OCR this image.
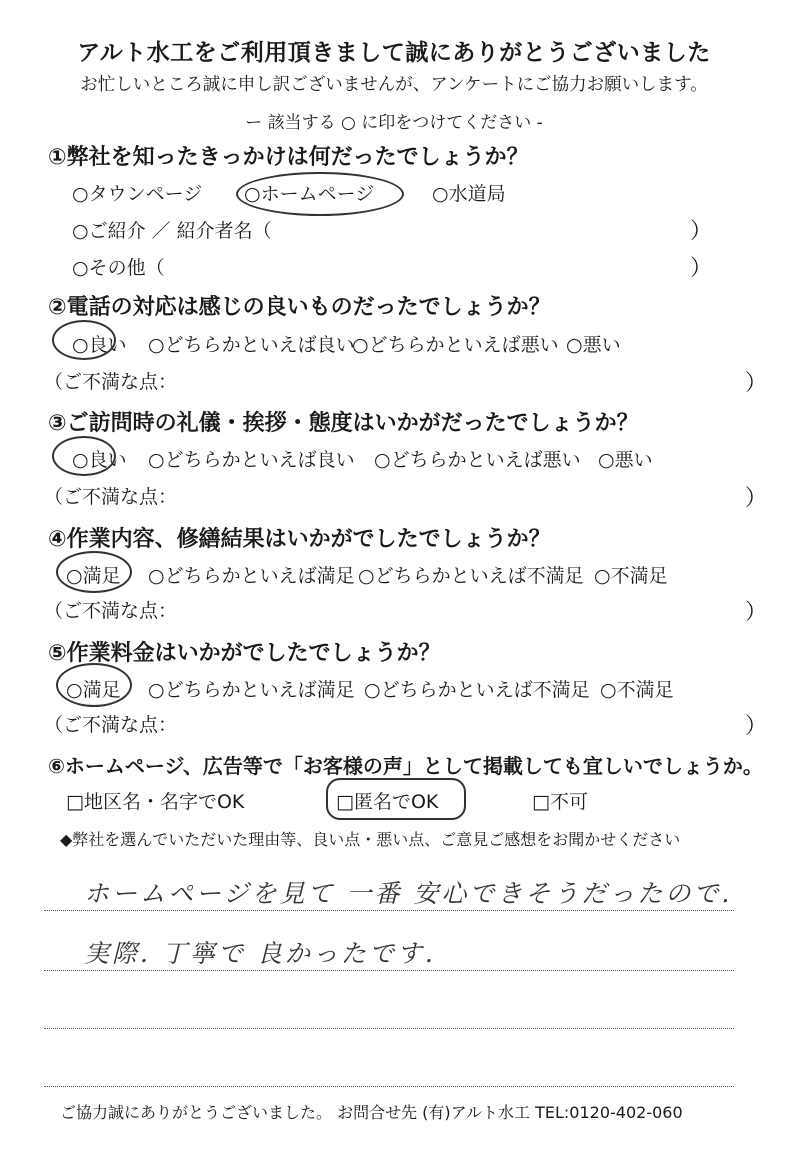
アルト水工をご利用頂きまして誠にありがとうございました
お忙しいところ誠に申し訳ございませんが、アンケートにご協力お願いします。
ー 該当する ○ に印をつけてください -
①弊社を知ったきっかけは何だったでしょうか？
○タウンページ ○ホームページ	○水道局
○ご紹介 ／ 紹介者名（	）
○その他（	）
②電話の対応は感じの良いものだったでしょうか？
○良い ○どちらかといえば良い
○どちらかといえば悪い ○悪い
（ご不満な点：	）
③ご訪問時の礼儀・挨拶・態度はいかがだったでしょうか？
○良い ○どちらかといえば良い ○どちらかといえば悪い ○悪い
（ご不満な点：	）
④作業内容、修繕結果はいかがでしたでしょうか？
○満足 ○どちらかといえば満足 ○どちらかといえば不満足 ○不満足
（ご不満な点：	）
⑤作業料金はいかがでしたでしょうか？
○満足 ○どちらかといえば満足 ○どちらかといえば不満足 ○不満足
（ご不満な点：	）
⑥ホームページ、広告等で「お客様の声」として掲載しても宜しいでしょうか。
□地区名・名字でOK	□匿名でOK	□不可
◆弊社を選んでいただいた理由等、良い点・悪い点、ご意見ご感想をお聞かせください
ホームページを見て 一番 安心できそうだったので.
実際. 丁寧で 良かったです.
ご協力誠にありがとうございました。 お問合せ先 (有)アルト水工 TEL:0120-402-060
